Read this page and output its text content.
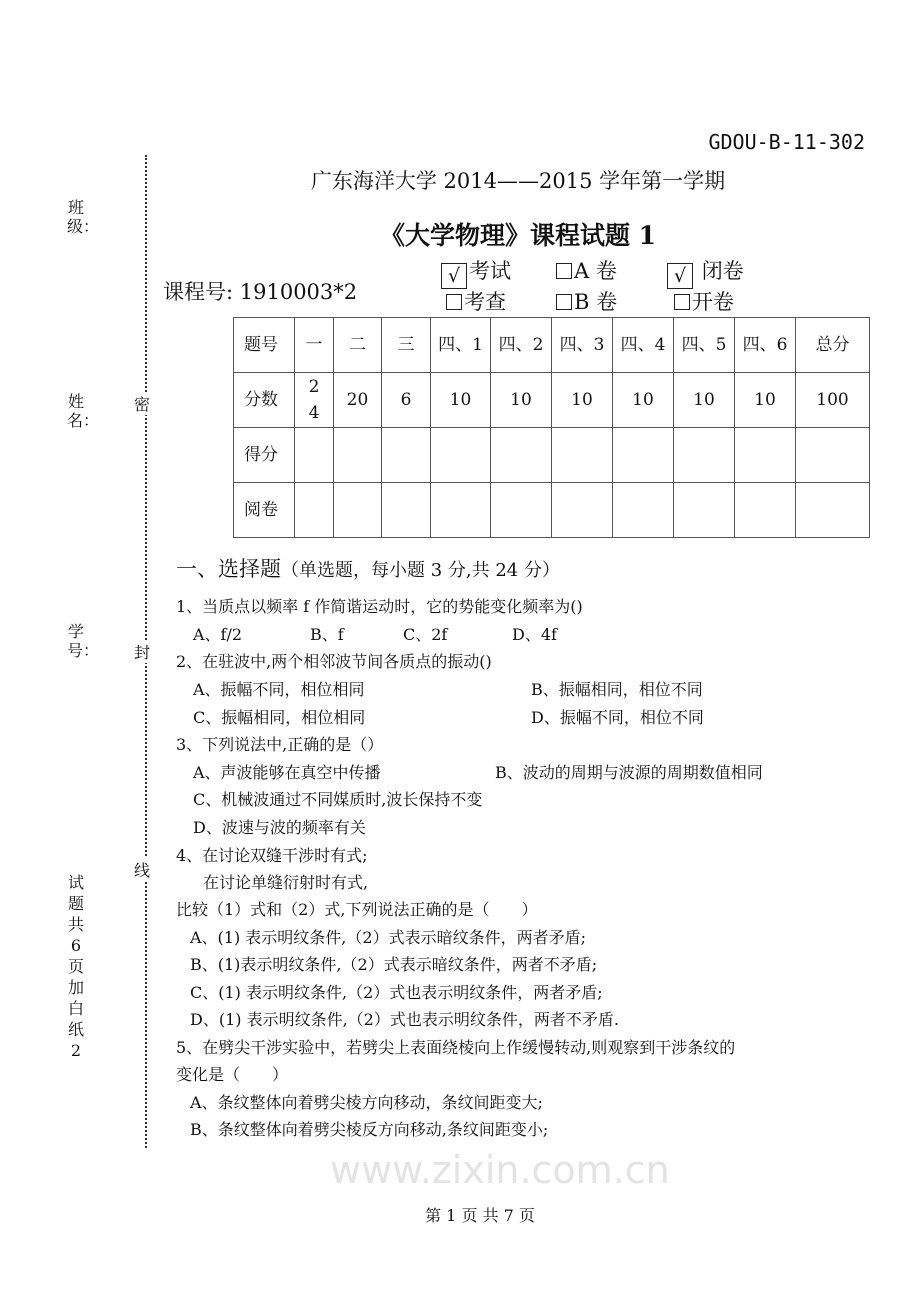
www.zixin.com.cn
GDOU-B-11-302
广东海洋大学 2014——2015 学年第一学期
《大学物理》课程试题 1
课程号: 1910003*2
√ 考试	A 卷	√ 闭卷
考查	B 卷	开卷
题号	一	二	三	四、1	四、2	四、3	四、4	四、5	四、6	总分
分数	24	20	6	10	10	10	10	10	10	100
得分										
阅卷										
班级：
姓名：
学号：
试题共6 页 加白纸 2
密
封
线
一、选择题（单选题，每小题 3 分,共 24 分）
1、当质点以频率 f 作简谐运动时，它的势能变化频率为()
A、f/2	B、f	C、2f	D、4f
2、在驻波中,两个相邻波节间各质点的振动()
A、振幅不同，相位相同	B、振幅相同，相位不同
C、振幅相同，相位相同	D、振幅不同，相位不同
3、下列说法中,正确的是（）
A、声波能够在真空中传播	B、波动的周期与波源的周期数值相同
C、机械波通过不同媒质时,波长保持不变
D、波速与波的频率有关
4、在讨论双缝干涉时有式;
在讨论单缝衍射时有式,
比较（1）式和（2）式,下列说法正确的是（　　）
A、(1) 表示明纹条件,（2）式表示暗纹条件，两者矛盾;
B、(1)表示明纹条件,（2）式表示暗纹条件，两者不矛盾;
C、(1) 表示明纹条件,（2）式也表示明纹条件，两者矛盾;
D、(1) 表示明纹条件,（2）式也表示明纹条件，两者不矛盾.
5、在劈尖干涉实验中，若劈尖上表面绕棱向上作缓慢转动,则观察到干涉条纹的
变化是（　　）
A、条纹整体向着劈尖棱方向移动，条纹间距变大;
B、条纹整体向着劈尖棱反方向移动,条纹间距变小;
第 1 页 共 7 页
